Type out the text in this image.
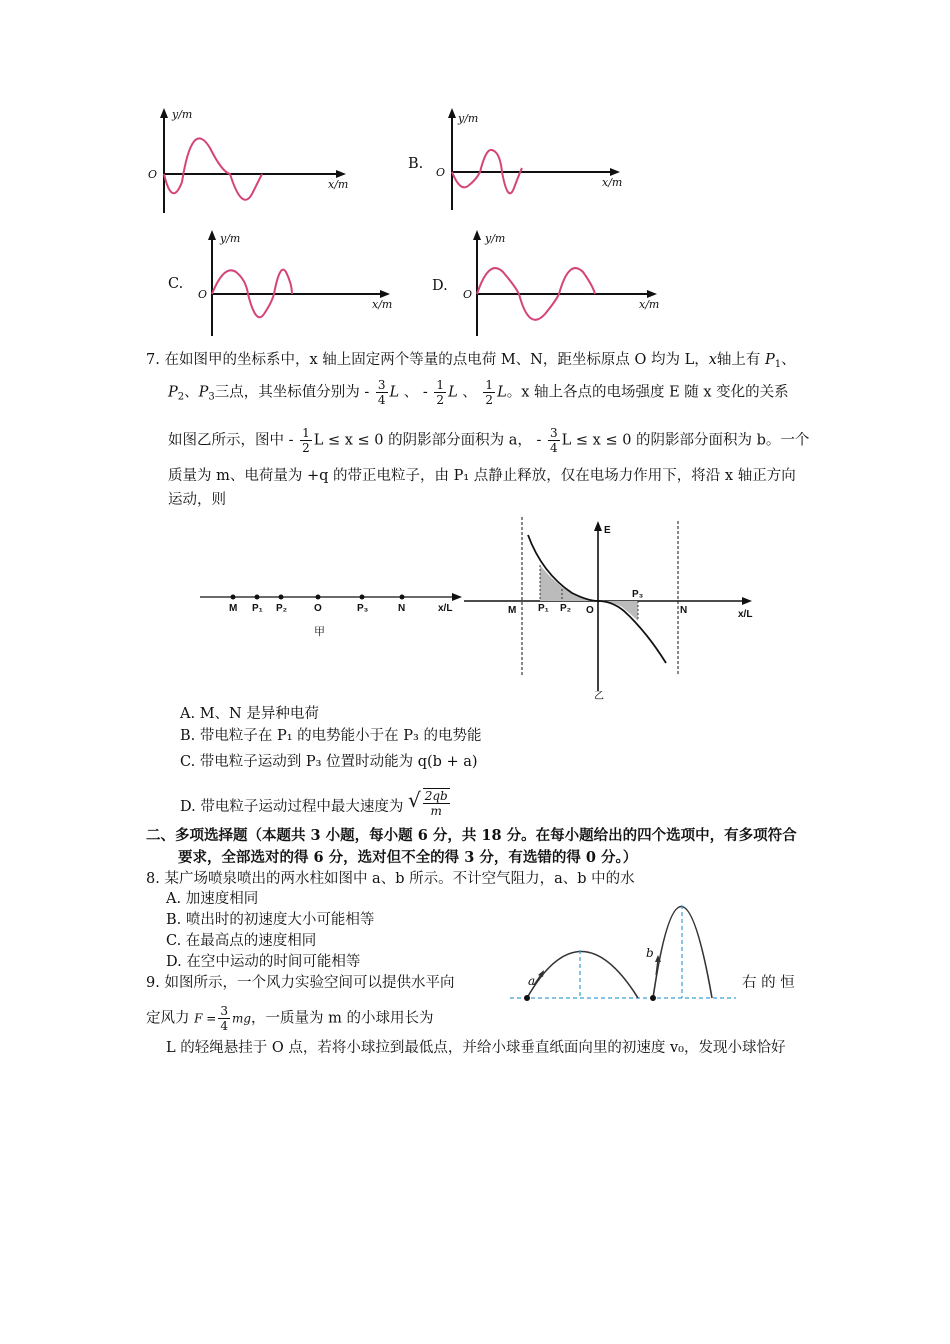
y/m
x/m
O
y/m
x/m
O
B.
y/m
x/m
O
C.
y/m
x/m
O
D.
7. 在如图甲的坐标系中，x 轴上固定两个等量的点电荷 M、N，距坐标原点 O 均为 L，x轴上有 $P_1$、
$P_2$、$P_3$三点，其坐标值分别为 - $\frac{3}{4}$ L 、 - $\frac{1}{2}$ L 、 $\frac{1}{2}$ L。x 轴上各点的电场强度 E 随 x 变化的关系
如图乙所示，图中 - $\frac{1}{2}$ L ≤ x ≤ 0 的阴影部分面积为 a， - $\frac{3}{4}$ L ≤ x ≤ 0 的阴影部分面积为 b。一个
质量为 m、电荷量为 +q 的带正电粒子，由 P₁ 点静止释放，仅在电场力作用下，将沿 x 轴正方向
运动，则
M P₁ P₂	O	P₃	N	x/L
甲
E
M P₁ P₂ O
P₃
N	x/L
乙
A. M、N 是异种电荷
B. 带电粒子在 P₁ 的电势能小于在 P₃ 的电势能
C. 带电粒子运动到 P₃ 位置时动能为 q(b + a)
D. 带电粒子运动过程中最大速度为 √ $\frac{2qb}{m}$
二、多项选择题（本题共 3 小题，每小题 6 分，共 18 分。在每小题给出的四个选项中，有多项符合
要求，全部选对的得 6 分，选对但不全的得 3 分，有选错的得 0 分。）
8. 某广场喷泉喷出的两水柱如图中 a、b 所示。不计空气阻力，a、b 中的水
A. 加速度相同
B. 喷出时的初速度大小可能相等
C. 在最高点的速度相同
D. 在空中运动的时间可能相等
a
b
9. 如图所示，一个风力实验空间可以提供水平向	右 的 恒
定风力 $F = \frac{3}{4}$ mg，一质量为 m 的小球用长为
L 的轻绳悬挂于 O 点，若将小球拉到最低点，并给小球垂直纸面向里的初速度 v₀，发现小球恰好
